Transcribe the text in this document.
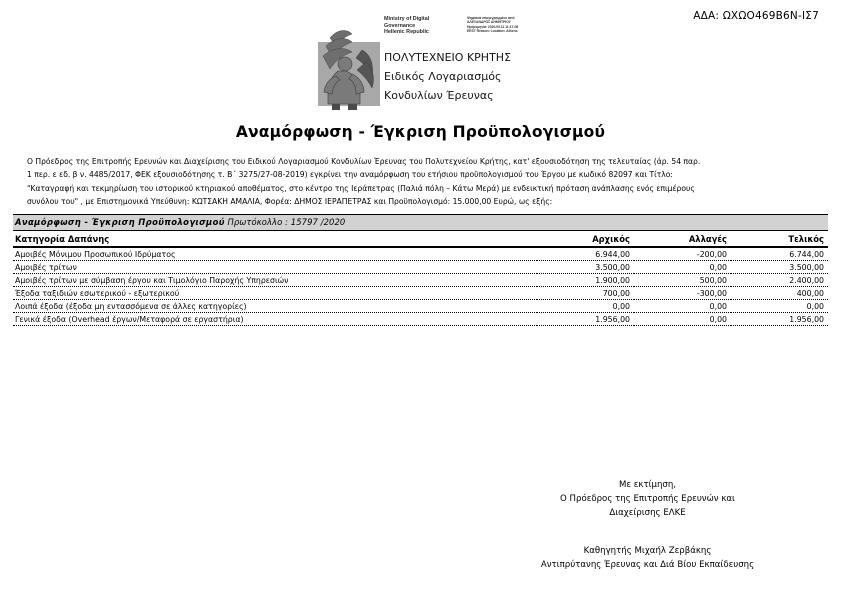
ΑΔΑ: ΩΧΩΟ469Β6Ν-ΙΣ7
Ministry of Digital
Governance
Hellenic Republic
Ψηφιακά υπογεγραμμένο από ΑΛΕΞΑΝΔΡΟΣ ΔΗΜΗΤΡΙΟΥ Ημερομηνία: 2020.09.11 11:17:08 EEST Reason: Location: Athens
ΠΟΛΥΤΕΧΝΕΙΟ ΚΡΗΤΗΣ
Ειδικός Λογαριασμός
Κονδυλίων Έρευνας
Αναμόρφωση - Έγκριση Προϋπολογισμού
Ο Πρόεδρος της Επιτροπής Ερευνών και Διαχείρισης του Ειδικού Λογαριασμού Κονδυλίων Έρευνας του Πολυτεχνείου Κρήτης, κατ' εξουσιοδότηση της τελευταίας (άρ. 54 παρ.
1 περ. ε εδ. β ν. 4485/2017, ΦΕΚ εξουσιοδότησης τ. Β΄ 3275/27-08-2019) εγκρίνει την αναμόρφωση του ετήσιου προϋπολογισμού του Έργου με κωδικό 82097 και Τίτλο:
"Καταγραφή και τεκμηρίωση του ιστορικού κτηριακού αποθέματος, στο κέντρο της Ιεράπετρας (Παλιά πόλη – Κάτω Μερά) με ενδεικτική πρόταση ανάπλασης ενός επιμέρους
συνόλου του" , με Επιστημονικά Υπεύθυνη: ΚΩΤΣΑΚΗ ΑΜΑΛΙΑ, Φορέα: ΔΗΜΟΣ ΙΕΡΑΠΕΤΡΑΣ και Προϋπολογισμό: 15.000,00 Ευρώ, ως εξής:
Αναμόρφωση - Έγκριση Προϋπολογισμού Πρωτόκολλο : 15797 /2020
Κατηγορία Δαπάνης	Αρχικός	Αλλαγές	Τελικός
Αμοιβές Μόνιμου Προσωπικού Ιδρύματος	6.944,00	-200,00	6.744,00
Αμοιβές τρίτων	3.500,00	0,00	3.500,00
Αμοιβές τρίτων με σύμβαση έργου και Τιμολόγιο Παροχής Υπηρεσιών	1.900,00	500,00	2.400,00
Έξοδα ταξιδιών εσωτερικού - εξωτερικού	700,00	-300,00	400,00
Λοιπά έξοδα (έξοδα μη εντασσόμενα σε άλλες κατηγορίες)	0,00	0,00	0,00
Γενικά έξοδα (Overhead έργων/Μεταφορά σε εργαστήρια)	1.956,00	0,00	1.956,00
Με εκτίμηση,
Ο Πρόεδρος της Επιτροπής Ερευνών και
Διαχείρισης ΕΛΚΕ
Καθηγητής Μιχαήλ Ζερβάκης
Αντιπρύτανης Έρευνας και Διά Βίου Εκπαίδευσης
